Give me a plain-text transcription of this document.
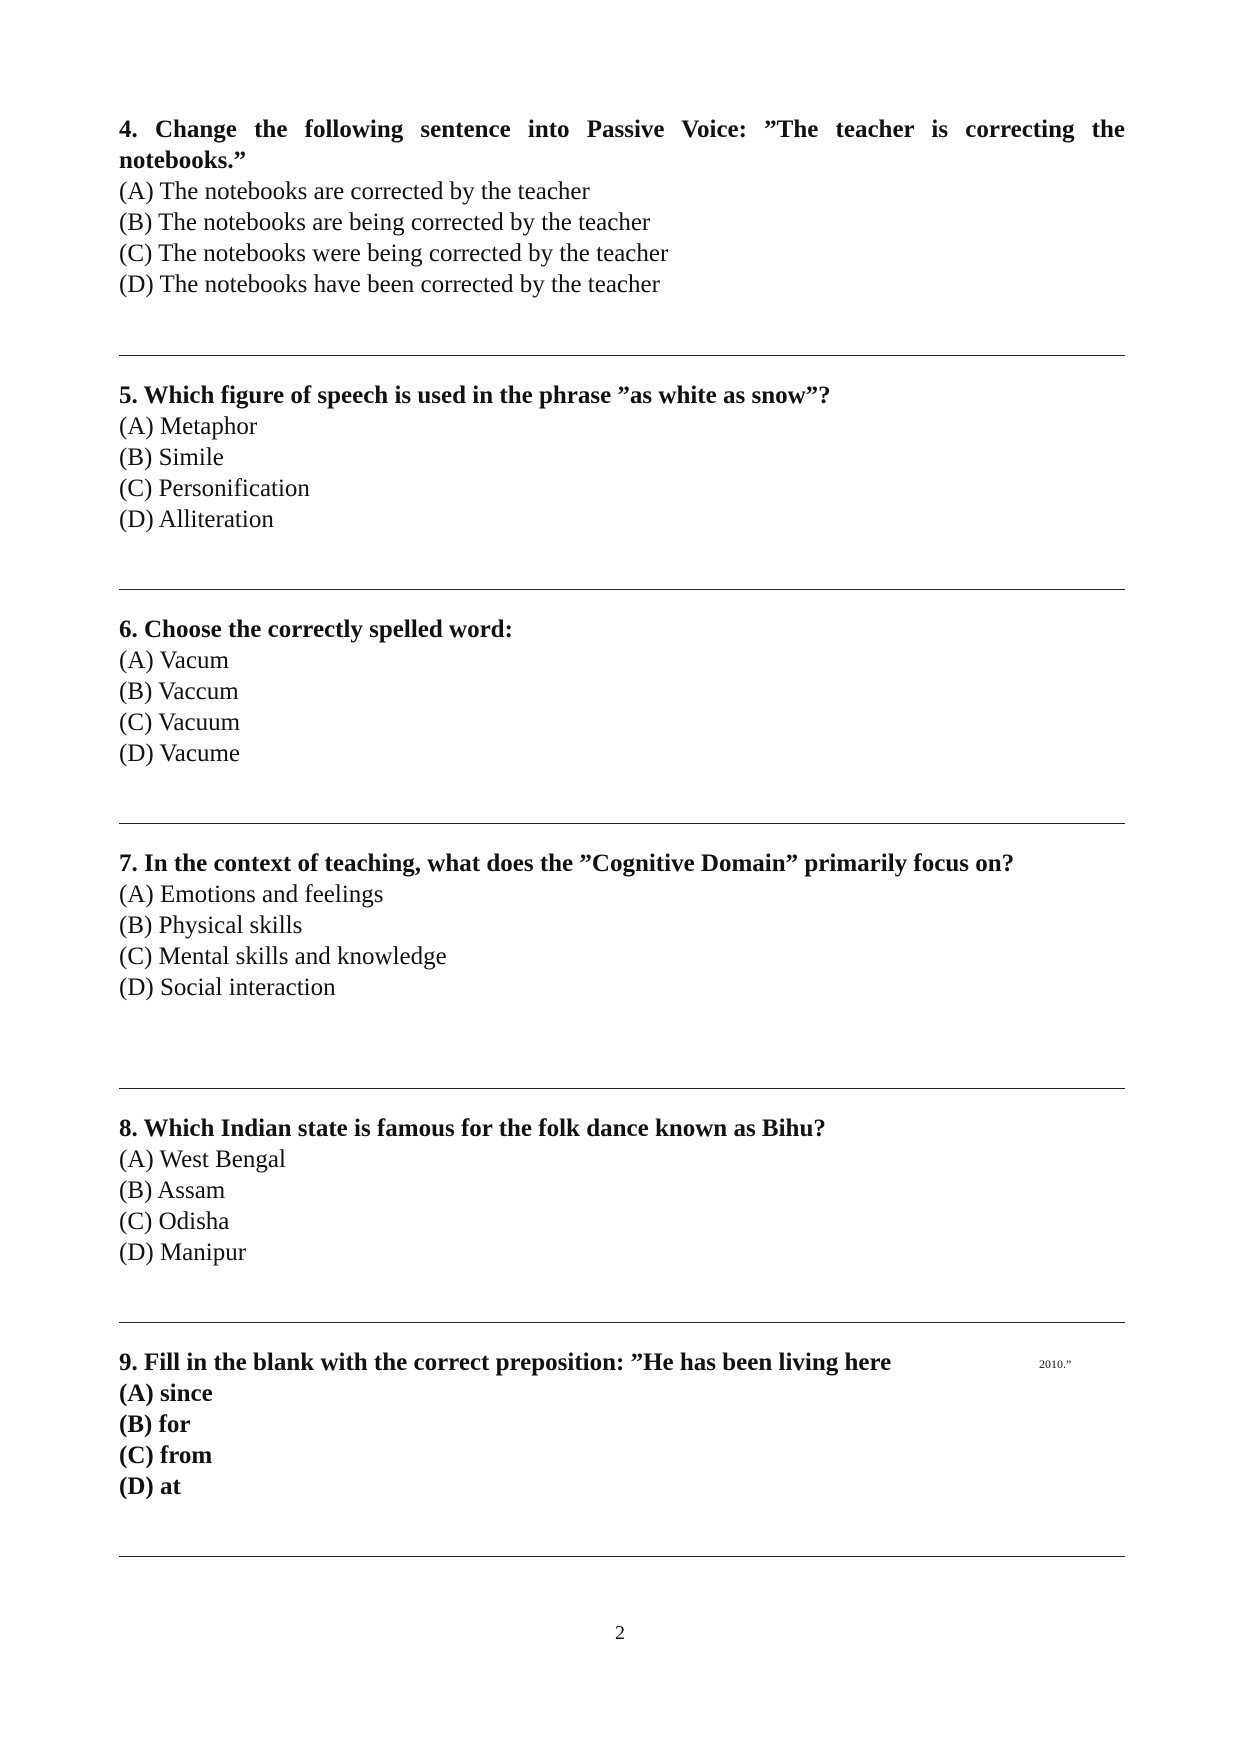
4. Change the following sentence into Passive Voice: ”The teacher is correcting the notebooks.”

(A) The notebooks are corrected by the teacher

(B) The notebooks are being corrected by the teacher

(C) The notebooks were being corrected by the teacher

(D) The notebooks have been corrected by the teacher

5. Which figure of speech is used in the phrase ”as white as snow”?

(A) Metaphor

(B) Simile

(C) Personification

(D) Alliteration

6. Choose the correctly spelled word:

(A) Vacum

(B) Vaccum

(C) Vacuum

(D) Vacume

7. In the context of teaching, what does the ”Cognitive Domain” primarily focus on?

(A) Emotions and feelings

(B) Physical skills

(C) Mental skills and knowledge

(D) Social interaction

8. Which Indian state is famous for the folk dance known as Bihu?

(A) West Bengal

(B) Assam

(C) Odisha

(D) Manipur

9. Fill in the blank with the correct preposition: ”He has been living here	2010.”

(A) since

(B) for

(C) from

(D) at

2
